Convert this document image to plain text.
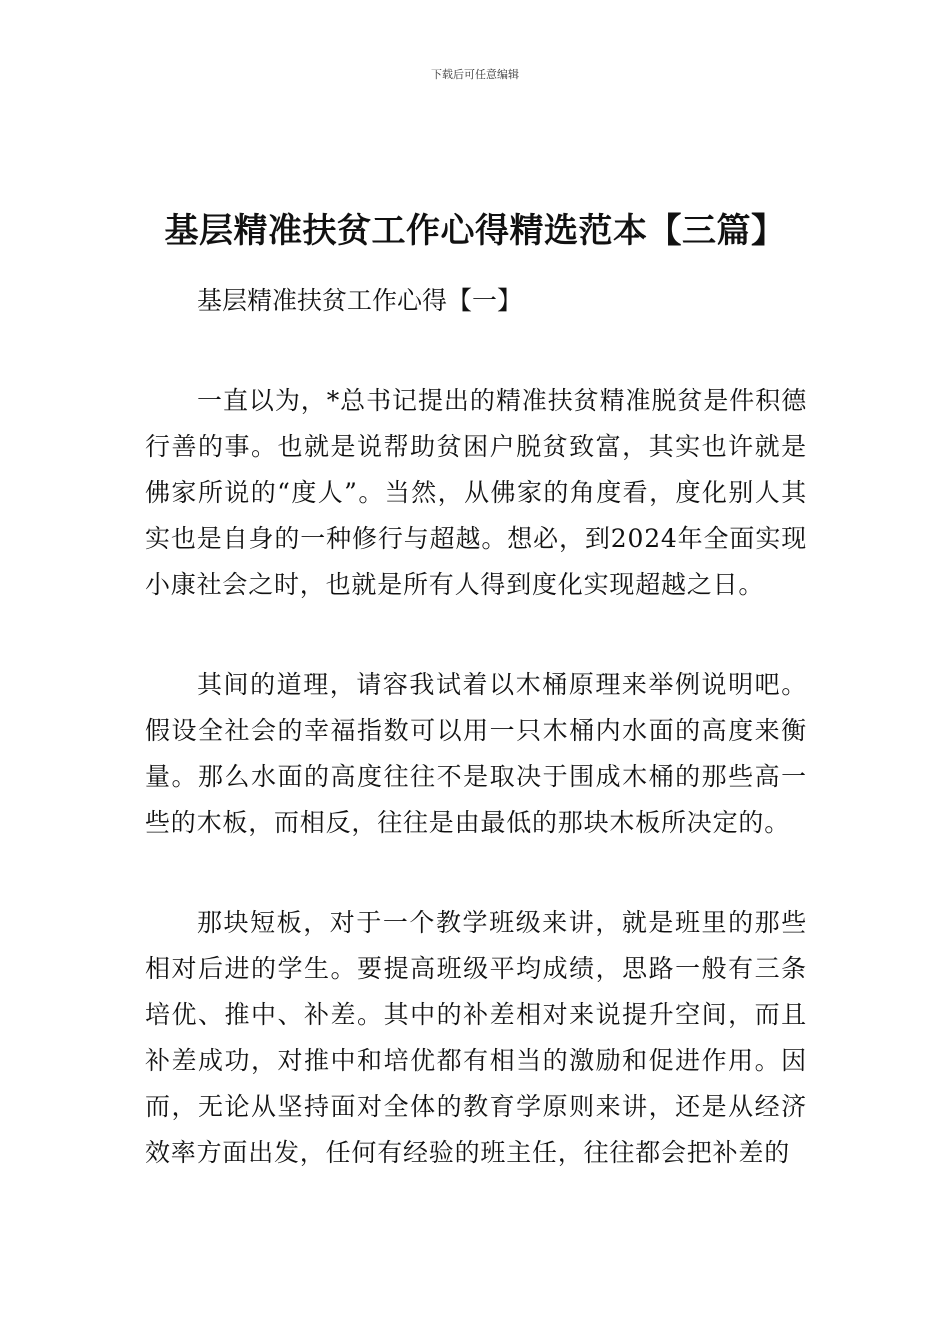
下载后可任意编辑
基层精准扶贫工作心得精选范本【三篇】

基层精准扶贫工作心得【一】

一直以为，*总书记提出的精准扶贫精准脱贫是件积德行善的事。也就是说帮助贫困户脱贫致富，其实也许就是佛家所说的“度人”。当然，从佛家的角度看，度化别人其实也是自身的一种修行与超越。想必，到2024年全面实现小康社会之时，也就是所有人得到度化实现超越之日。

其间的道理，请容我试着以木桶原理来举例说明吧。假设全社会的幸福指数可以用一只木桶内水面的高度来衡量。那么水面的高度往往不是取决于围成木桶的那些高一些的木板，而相反，往往是由最低的那块木板所决定的。

那块短板，对于一个教学班级来讲，就是班里的那些相对后进的学生。要提高班级平均成绩，思路一般有三条培优、推中、补差。其中的补差相对来说提升空间，而且补差成功，对推中和培优都有相当的激励和促进作用。因而，无论从坚持面对全体的教育学原则来讲，还是从经济效率方面出发，任何有经验的班主任，往往都会把补差的
